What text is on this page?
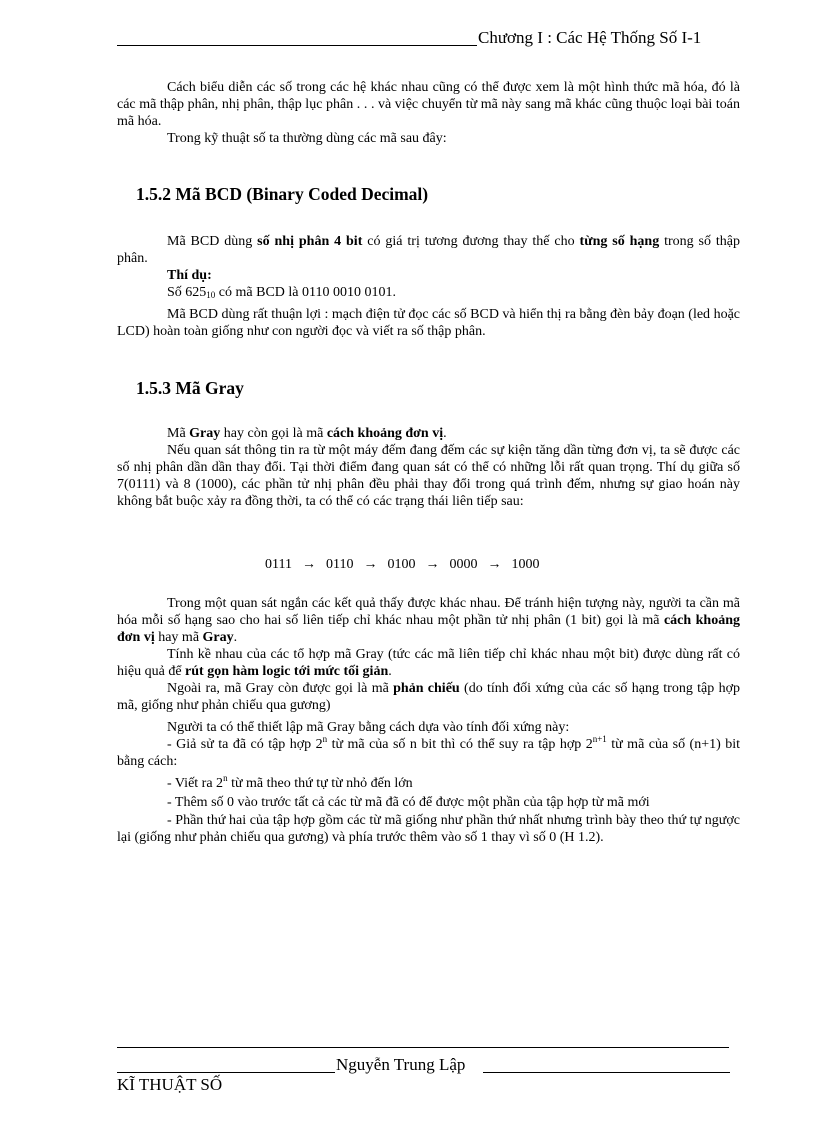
Chương I : Các Hệ Thống Số I-1
Cách biểu diễn các số trong các hệ khác nhau cũng có thể được xem là một hình thức mã hóa, đó là các mã thập phân, nhị phân, thập lục phân . . . và việc chuyển từ mã này sang mã khác cũng thuộc loại bài toán mã hóa.
Trong kỹ thuật số ta thường dùng các mã sau đây:
1.5.2 Mã BCD (Binary Coded Decimal)
Mã BCD dùng số nhị phân 4 bit có giá trị tương đương thay thế cho từng số hạng trong số thập phân.
Thí dụ:
Số $625_{10}$ có mã BCD là 0110 0010 0101.
Mã BCD dùng rất thuận lợi : mạch điện tử đọc các số BCD và hiển thị ra bằng đèn bảy đoạn (led hoặc LCD) hoàn toàn giống như con người đọc và viết ra số thập phân.
1.5.3 Mã Gray
Mã Gray hay còn gọi là mã cách khoảng đơn vị.
Nếu quan sát thông tin ra từ một máy đếm đang đếm các sự kiện tăng dần từng đơn vị, ta sẽ được các số nhị phân dần dần thay đổi. Tại thời điểm đang quan sát có thể có những lỗi rất quan trọng. Thí dụ giữa số 7(0111) và 8 (1000), các phần tử nhị phân đều phải thay đổi trong quá trình đếm, nhưng sự giao hoán này không bắt buộc xảy ra đồng thời, ta có thể có các trạng thái liên tiếp sau:
0111 → 0110 → 0100 → 0000 → 1000
Trong một quan sát ngắn các kết quả thấy được khác nhau. Để tránh hiện tượng này, người ta cần mã hóa mỗi số hạng sao cho hai số liên tiếp chỉ khác nhau một phần tử nhị phân (1 bit) gọi là mã cách khoảng đơn vị hay mã Gray.
Tính kề nhau của các tổ hợp mã Gray (tức các mã liên tiếp chỉ khác nhau một bit) được dùng rất có hiệu quả để rút gọn hàm logic tới mức tối giản.
Ngoài ra, mã Gray còn được gọi là mã phản chiếu (do tính đối xứng của các số hạng trong tập hợp mã, giống như phản chiếu qua gương)
Người ta có thể thiết lập mã Gray bằng cách dựa vào tính đối xứng này:
- Giả sử ta đã có tập hợp 2$^n$ từ mã của số n bit thì có thể suy ra tập hợp $2^{n+1}$ từ mã của số (n+1) bit bằng cách:
- Viết ra 2$^n$ từ mã theo thứ tự từ nhỏ đến lớn
- Thêm số 0 vào trước tất cả các từ mã đã có để được một phần của tập hợp từ mã mới
- Phần thứ hai của tập hợp gồm các từ mã giống như phần thứ nhất nhưng trình bày theo thứ tự ngược lại (giống như phản chiếu qua gương) và phía trước thêm vào số 1 thay vì số 0 (H 1.2).
Nguyễn Trung Lập
KĨ THUẬT SỐ
